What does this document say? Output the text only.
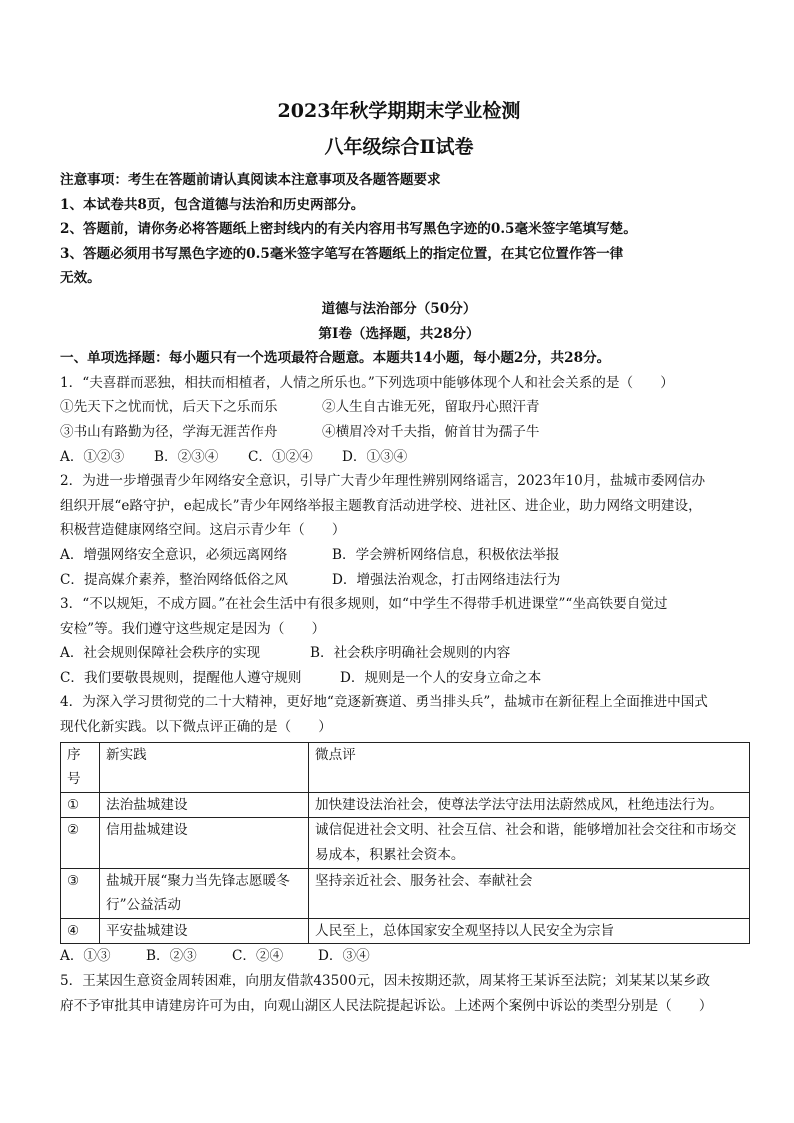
2023年秋学期期末学业检测
八年级综合Ⅱ试卷
注意事项：考生在答题前请认真阅读本注意事项及各题答题要求
1、本试卷共8页，包含道德与法治和历史两部分。
2、答题前，请你务必将答题纸上密封线内的有关内容用书写黑色字迹的0.5毫米签字笔填写楚。
3、答题必须用书写黑色字迹的0.5毫米签字笔写在答题纸上的指定位置，在其它位置作答一律
无效。
道德与法治部分（50分）
第Ⅰ卷（选择题，共28分）
一、单项选择题：每小题只有一个选项最符合题意。本题共14小题，每小题2分，共28分。
1．“夫喜群而恶独，相扶而相植者，人情之所乐也。”下列选项中能够体现个人和社会关系的是（　　）
①先天下之忧而忧，后天下之乐而乐	②人生自古谁无死，留取丹心照汗青
③书山有路勤为径，学海无涯苦作舟	④横眉冷对千夫指，俯首甘为孺子牛
A．①②③	B．②③④	C．①②④	D．①③④
2．为进一步增强青少年网络安全意识，引导广大青少年理性辨别网络谣言，2023年10月，盐城市委网信办
组织开展“e路守护，e起成长”青少年网络举报主题教育活动进学校、进社区、进企业，助力网络文明建设，
积极营造健康网络空间。这启示青少年（　　）
A．增强网络安全意识，必须远离网络	B．学会辨析网络信息，积极依法举报
C．提高媒介素养，整治网络低俗之风	D．增强法治观念，打击网络违法行为
3．“不以规矩，不成方圆。”在社会生活中有很多规则，如“中学生不得带手机进课堂”“坐高铁要自觉过
安检”等。我们遵守这些规定是因为（　　）
A．社会规则保障社会秩序的实现	B．社会秩序明确社会规则的内容
C．我们要敬畏规则，提醒他人遵守规则	D．规则是一个人的安身立命之本
4．为深入学习贯彻党的二十大精神，更好地“竞逐新赛道、勇当排头兵”，盐城市在新征程上全面推进中国式
现代化新实践。以下微点评正确的是（　　）
序号	新实践	微点评
①	法治盐城建设	加快建设法治社会，使尊法学法守法用法蔚然成风，杜绝违法行为。
②	信用盐城建设	诚信促进社会文明、社会互信、社会和谐，能够增加社会交往和市场交易成本，积累社会资本。
③	盐城开展“聚力当先锋志愿暖冬行”公益活动	坚持亲近社会、服务社会、奉献社会
④	平安盐城建设	人民至上，总体国家安全观坚持以人民安全为宗旨
A．①③	B．②③	C．②④	D．③④
5．王某因生意资金周转困难，向朋友借款43500元，因未按期还款，周某将王某诉至法院；刘某某以某乡政
府不予审批其申请建房许可为由，向观山湖区人民法院提起诉讼。上述两个案例中诉讼的类型分别是（　　）
